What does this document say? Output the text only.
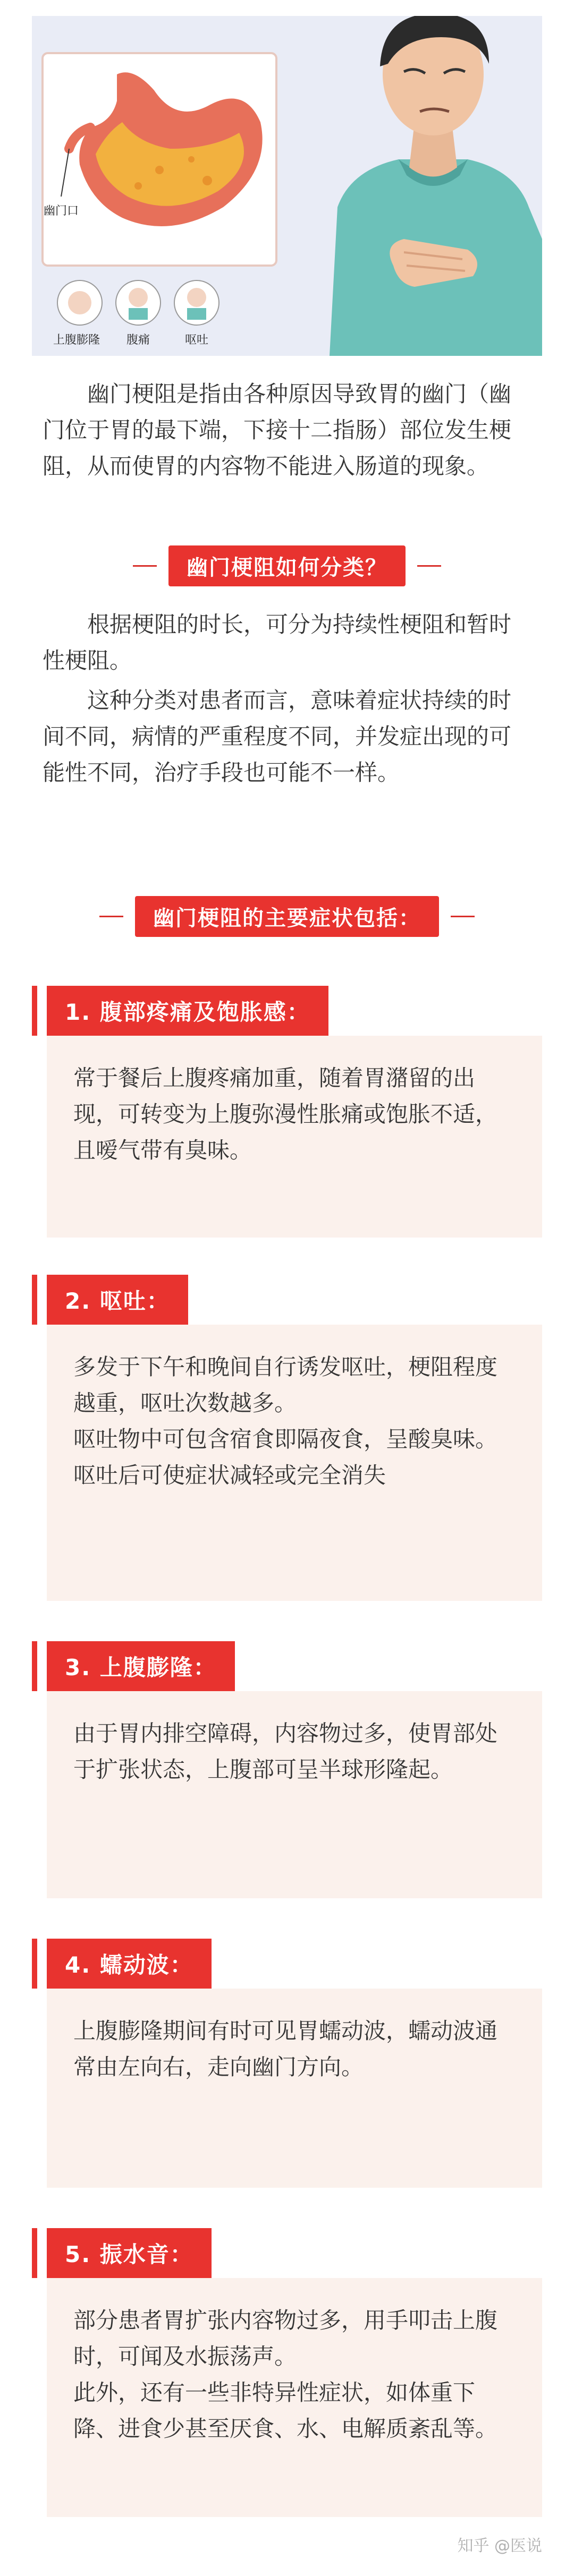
幽门口
上腹膨隆 腹痛	呕吐

幽门梗阻是指由各种原因导致胃的幽门（幽门位于胃的最下端，下接十二指肠）部位发生梗阻，从而使胃的内容物不能进入肠道的现象。

幽门梗阻如何分类？

根据梗阻的时长，可分为持续性梗阻和暂时性梗阻。

这种分类对患者而言，意味着症状持续的时间不同，病情的严重程度不同，并发症出现的可能性不同，治疗手段也可能不一样。

幽门梗阻的主要症状包括：
1. 腹部疼痛及饱胀感：

常于餐后上腹疼痛加重，随着胃潴留的出现，可转变为上腹弥漫性胀痛或饱胀不适，且嗳气带有臭味。

2. 呕吐：

多发于下午和晚间自行诱发呕吐，梗阻程度越重，呕吐次数越多。

呕吐物中可包含宿食即隔夜食，呈酸臭味。呕吐后可使症状减轻或完全消失

3. 上腹膨隆：

由于胃内排空障碍，内容物过多，使胃部处于扩张状态，上腹部可呈半球形隆起。

4. 蠕动波：

上腹膨隆期间有时可见胃蠕动波，蠕动波通常由左向右，走向幽门方向。

5. 振水音：

部分患者胃扩张内容物过多，用手叩击上腹时，可闻及水振荡声。

此外，还有一些非特异性症状，如体重下降、进食少甚至厌食、水、电解质紊乱等。

知乎 @医说
